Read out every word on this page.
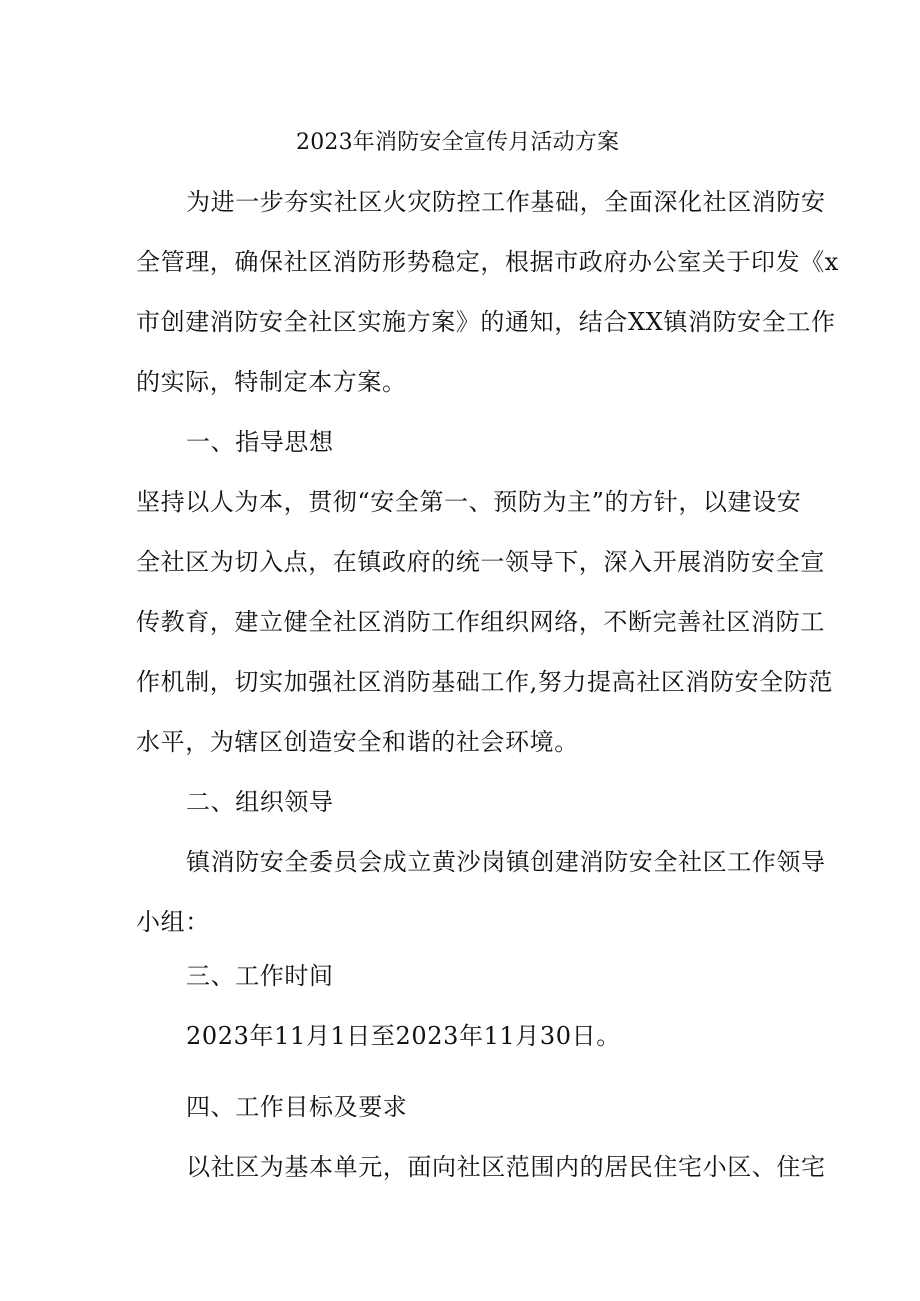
2023年消防安全宣传月活动方案
为进一步夯实社区火灾防控工作基础，全面深化社区消防安
全管理，确保社区消防形势稳定，根据市政府办公室关于印发《x
市创建消防安全社区实施方案》的通知，结合XX镇消防安全工作
的实际，特制定本方案。
一、指导思想
坚持以人为本，贯彻“安全第一、预防为主”的方针，以建设安
全社区为切入点，在镇政府的统一领导下，深入开展消防安全宣
传教育，建立健全社区消防工作组织网络，不断完善社区消防工
作机制，切实加强社区消防基础工作,努力提高社区消防安全防范
水平，为辖区创造安全和谐的社会环境。
二、组织领导
镇消防安全委员会成立黄沙岗镇创建消防安全社区工作领导
小组：
三、工作时间
2023年11月1日至2023年11月30日。
四、工作目标及要求
以社区为基本单元，面向社区范围内的居民住宅小区、住宅
